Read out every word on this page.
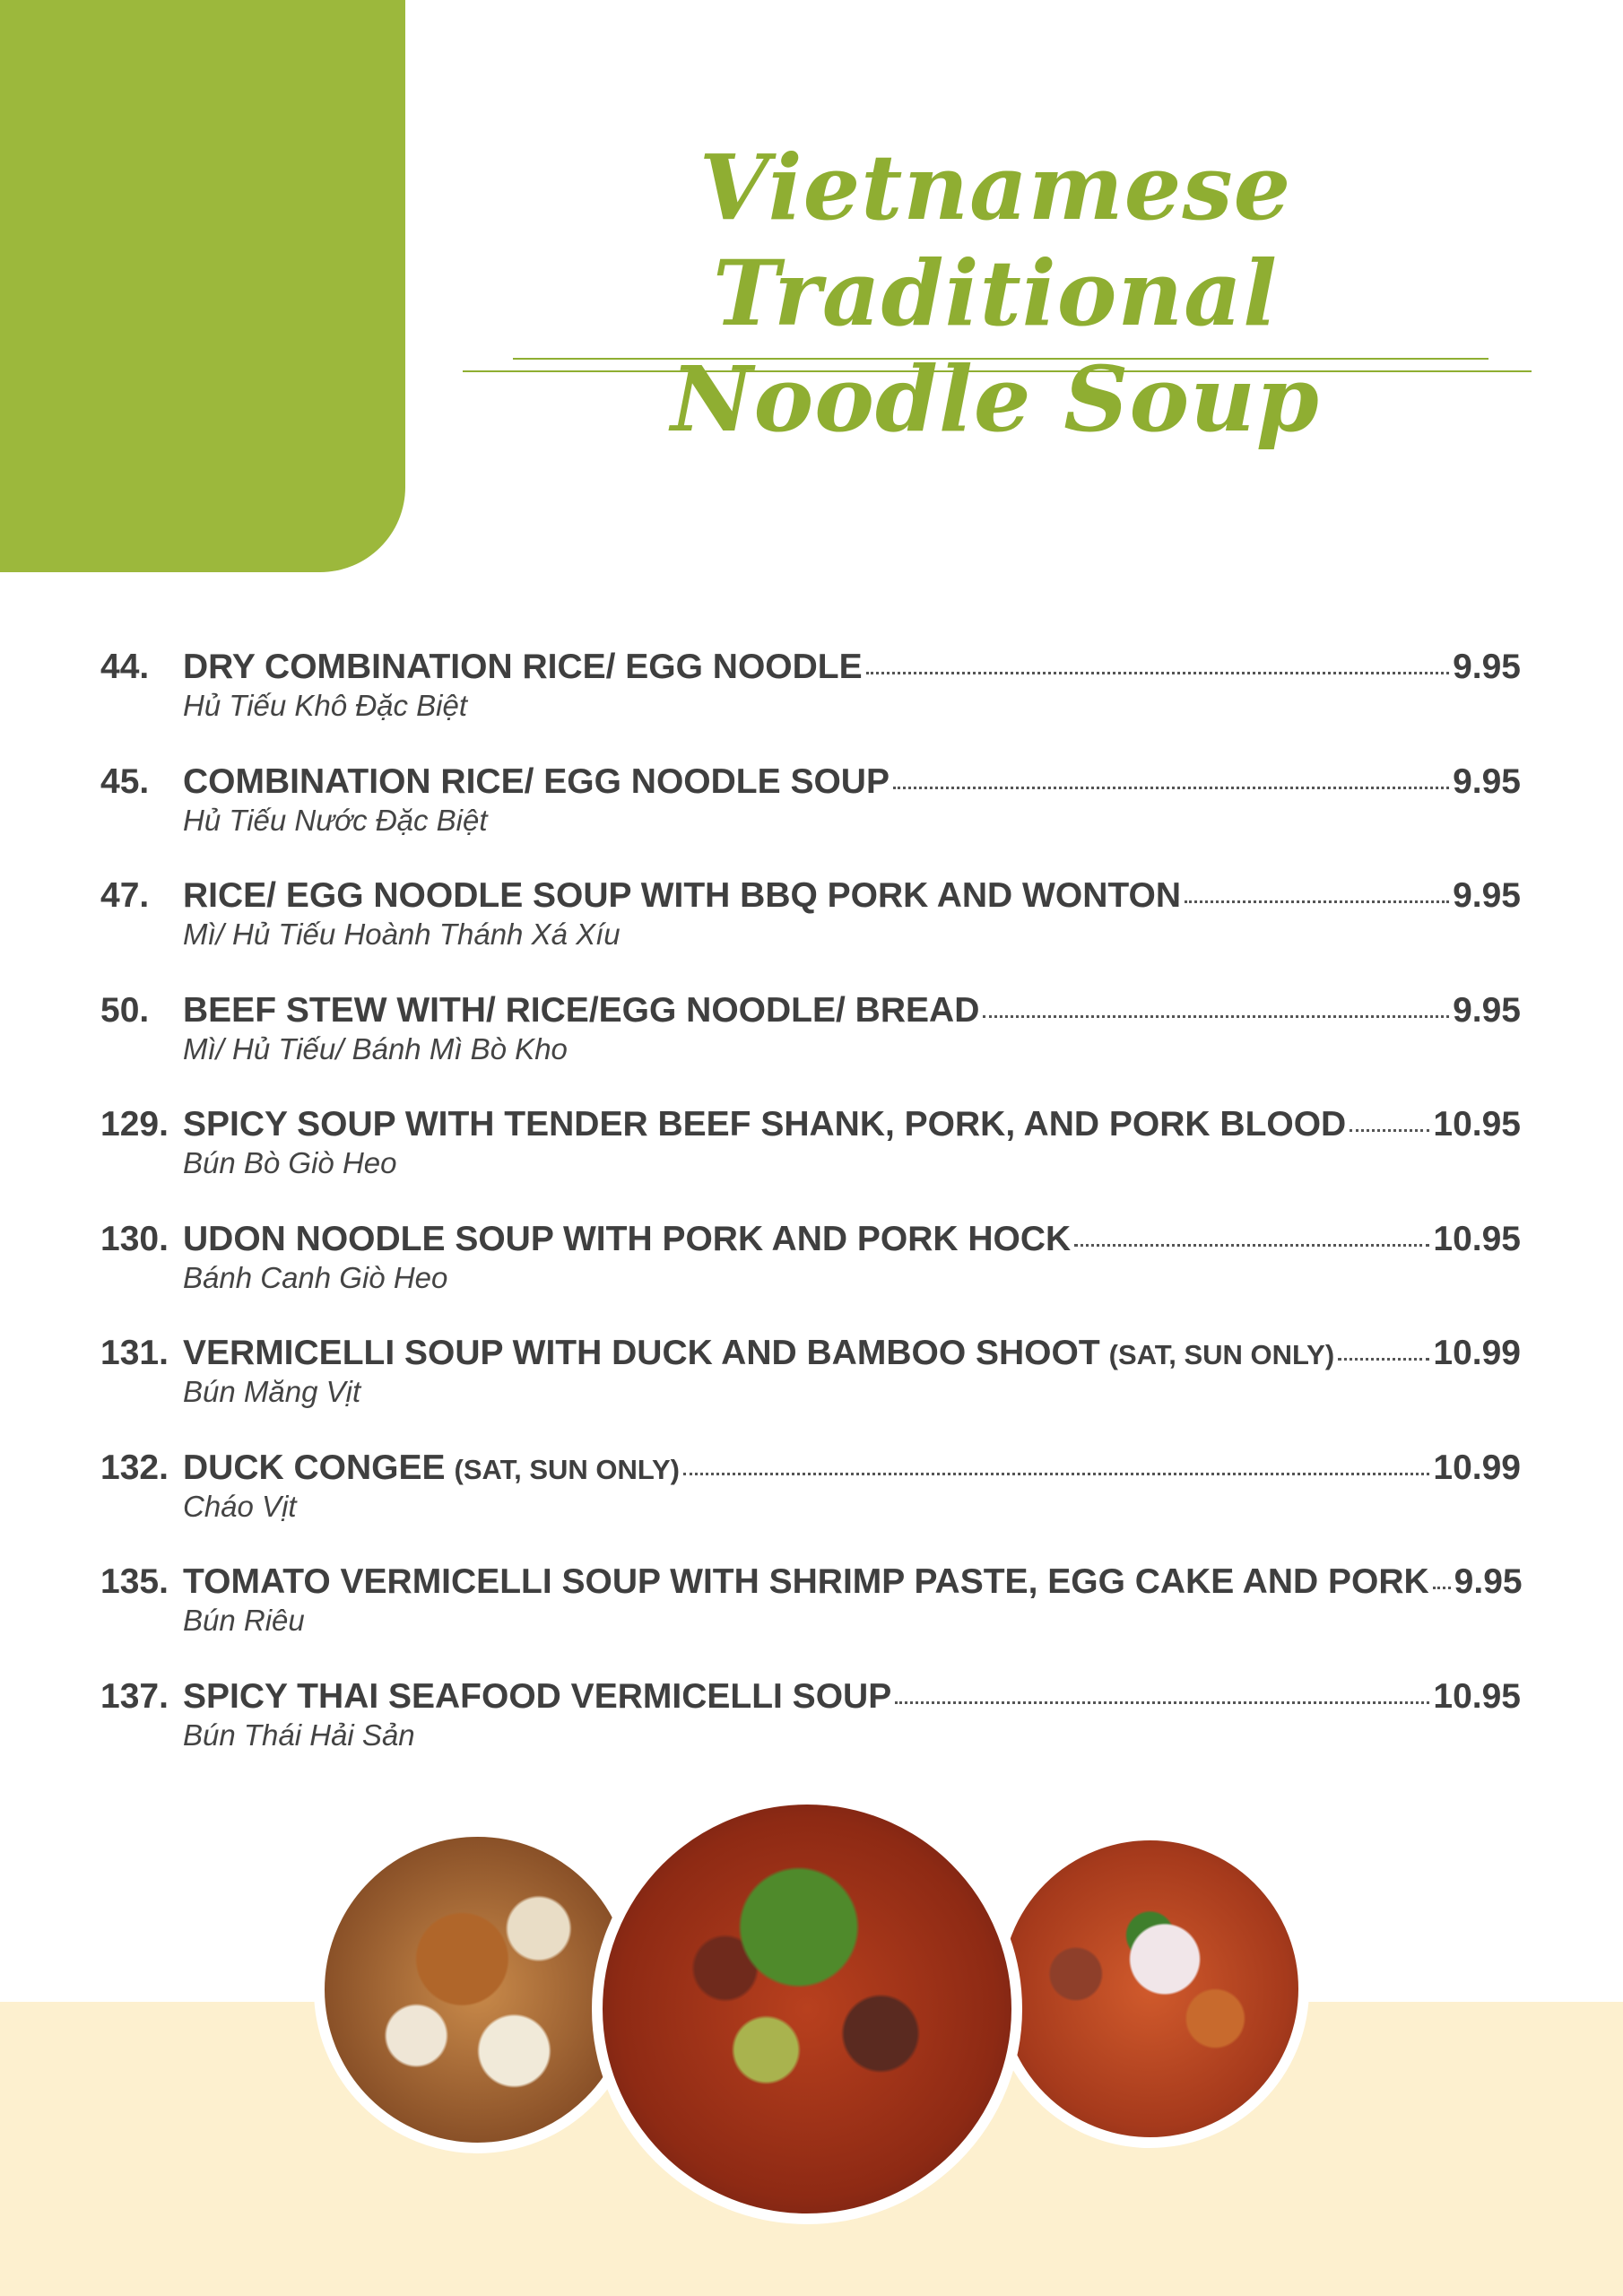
Vietnamese Traditional
Noodle Soup
44. DRY COMBINATION RICE/ EGG NOODLE	9.95
Hủ Tiếu Khô Đặc Biệt
45. COMBINATION RICE/ EGG NOODLE SOUP	9.95
Hủ Tiếu Nước Đặc Biệt
47. RICE/ EGG NOODLE SOUP WITH BBQ PORK AND WONTON	9.95
Mì/ Hủ Tiếu Hoành Thánh Xá Xíu
50. BEEF STEW WITH/ RICE/EGG NOODLE/ BREAD	9.95
Mì/ Hủ Tiếu/ Bánh Mì Bò Kho
129. SPICY SOUP WITH TENDER BEEF SHANK, PORK, AND PORK BLOOD 10.95
Bún Bò Giò Heo
130. UDON NOODLE SOUP WITH PORK AND PORK HOCK	10.95
Bánh Canh Giò Heo
131. VERMICELLI SOUP WITH DUCK AND BAMBOO SHOOT (SAT, SUN ONLY)	10.99
Bún Măng Vịt
132. DUCK CONGEE (SAT, SUN ONLY)	10.99
Cháo Vịt
135. TOMATO VERMICELLI SOUP WITH SHRIMP PASTE, EGG CAKE AND PORK 9.95
Bún Riêu
137. SPICY THAI SEAFOOD VERMICELLI SOUP	10.95
Bún Thái Hải Sản
